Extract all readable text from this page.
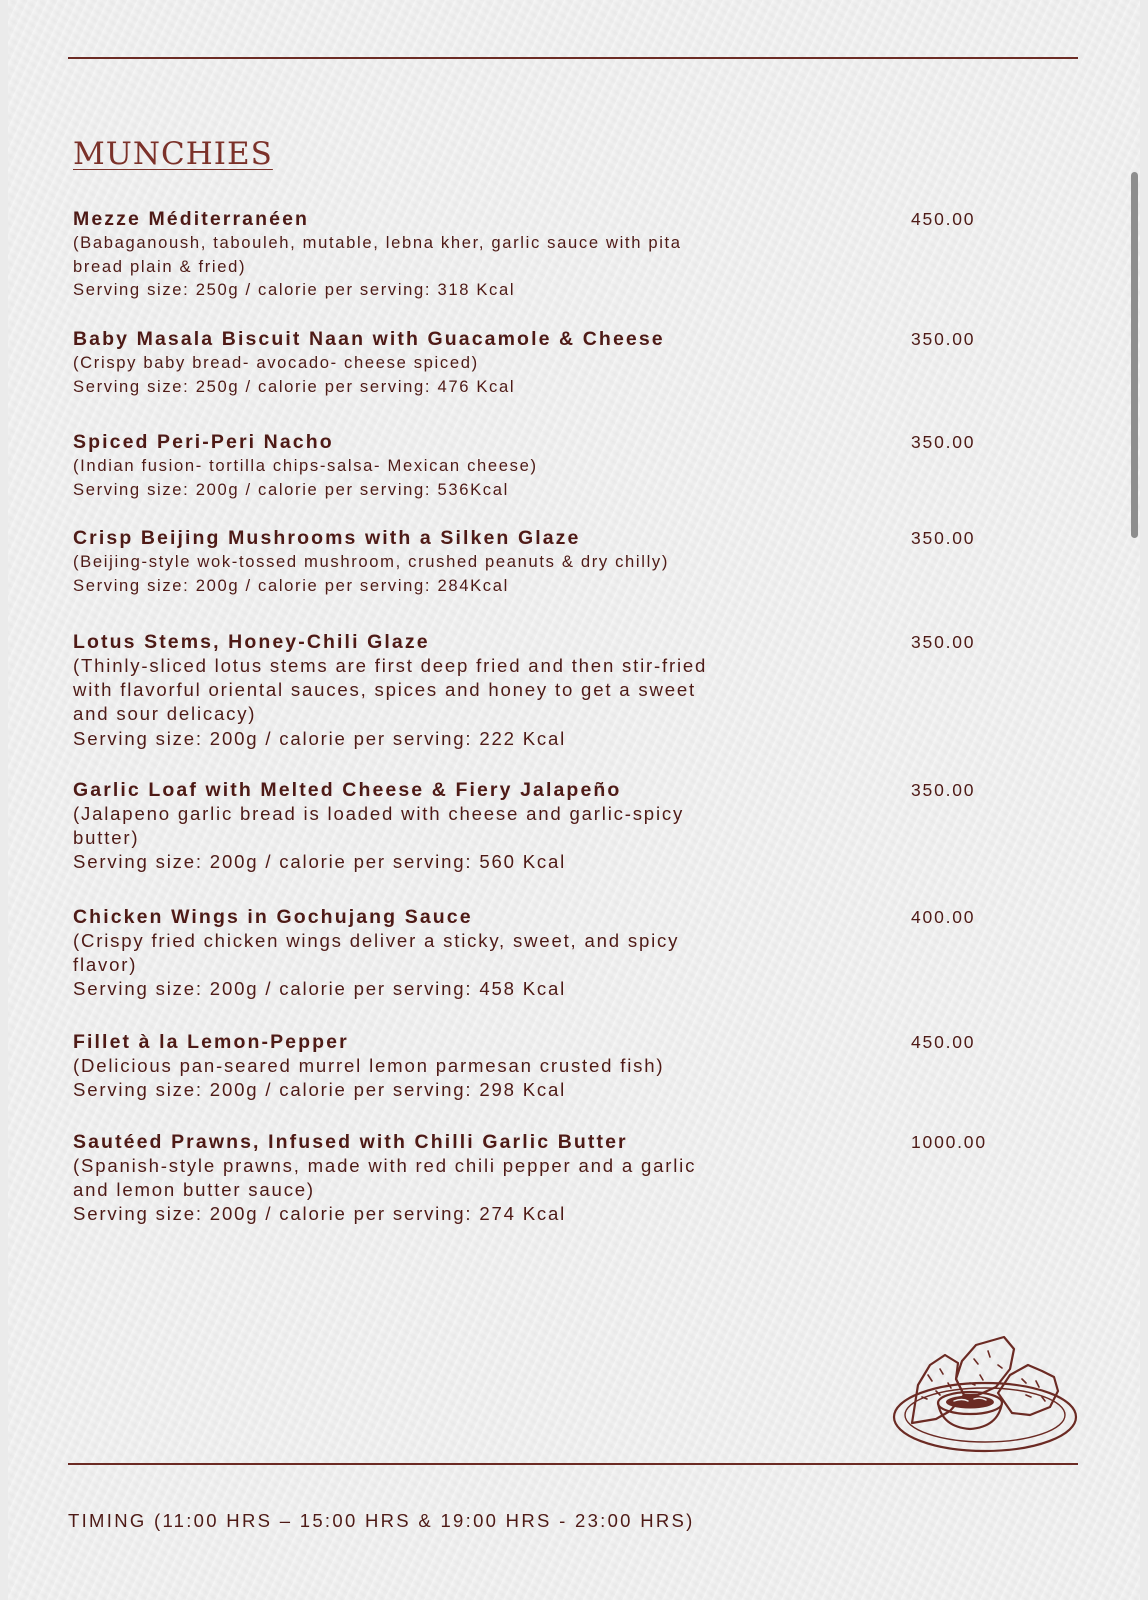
MUNCHIES
Mezze Méditerranéen
(Babaganoush, tabouleh, mutable, lebna kher, garlic sauce with pita bread plain & fried)
Serving size: 250g / calorie per serving: 318 Kcal
450.00
Baby Masala Biscuit Naan with Guacamole & Cheese
(Crispy baby bread- avocado- cheese spiced)
Serving size: 250g / calorie per serving: 476 Kcal
350.00
Spiced Peri-Peri Nacho
(Indian fusion- tortilla chips-salsa- Mexican cheese)
Serving size: 200g / calorie per serving: 536Kcal
350.00
Crisp Beijing Mushrooms with a Silken Glaze
(Beijing-style wok-tossed mushroom, crushed peanuts & dry chilly)
Serving size: 200g / calorie per serving: 284Kcal
350.00
Lotus Stems, Honey-Chili Glaze
(Thinly-sliced lotus stems are first deep fried and then stir-fried with flavorful oriental sauces, spices and honey to get a sweet and sour delicacy)
Serving size: 200g / calorie per serving: 222 Kcal
350.00
Garlic Loaf with Melted Cheese & Fiery Jalapeño
(Jalapeno garlic bread is loaded with cheese and garlic-spicy butter)
Serving size: 200g / calorie per serving: 560 Kcal
350.00
Chicken Wings in Gochujang Sauce
(Crispy fried chicken wings deliver a sticky, sweet, and spicy flavor)
Serving size: 200g / calorie per serving: 458 Kcal
400.00
Fillet à la Lemon-Pepper
(Delicious pan-seared murrel lemon parmesan crusted fish)
Serving size: 200g / calorie per serving: 298 Kcal
450.00
Sautéed Prawns, Infused with Chilli Garlic Butter
(Spanish-style prawns, made with red chili pepper and a garlic and lemon butter sauce)
Serving size: 200g / calorie per serving: 274 Kcal
1000.00
TIMING (11:00 HRS – 15:00 HRS & 19:00 HRS - 23:00 HRS)
